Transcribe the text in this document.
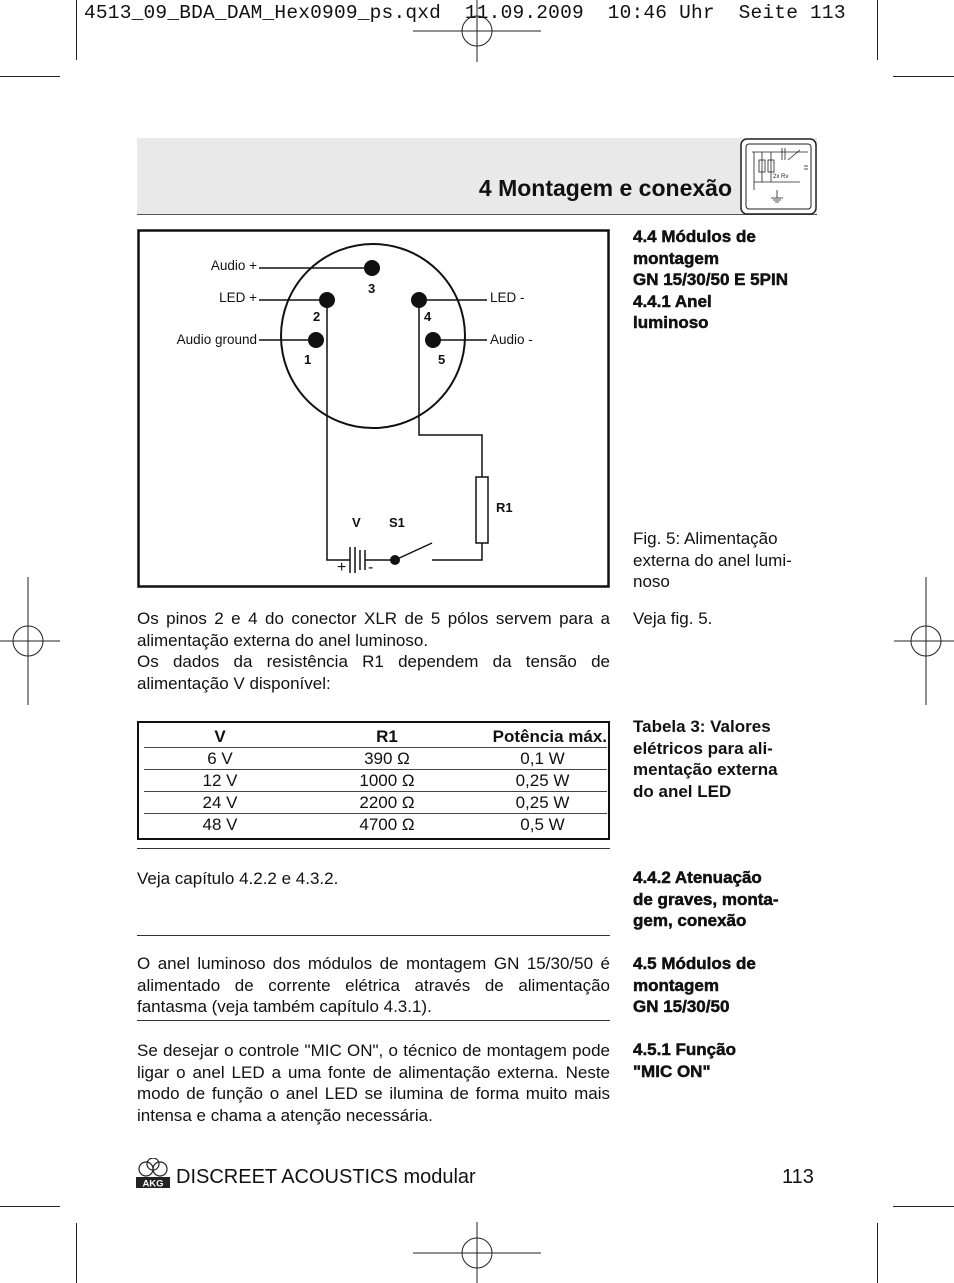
4513_09_BDA_DAM_Hex0909_ps.qxd  11.09.2009  10:46 Uhr  Seite 113
4 Montagem e conexão	2x Rv
Audio +
LED +
Audio ground
LED -
Audio -
1
2
3
4
5
R1
V S1
+ -
4.4 Módulos de
montagem
GN 15/30/50 E 5PIN
4.4.1 Anel
luminoso
Fig. 5: Alimentação
externa do anel lumi-
noso
Veja fig. 5.
Os pinos 2 e 4 do conector XLR de 5 pólos servem para a alimentação externa do anel luminoso.
Os dados da resistência R1 dependem da tensão de alimentação V disponível:
V	R1	Potência máx.
6 V	390 Ω	0,1 W
12 V	1000 Ω	0,25 W
24 V	2200 Ω	0,25 W
48 V	4700 Ω	0,5 W
Tabela 3: Valores
elétricos para ali-
mentação externa
do anel LED
Veja capítulo 4.2.2 e 4.3.2.	4.4.2 Atenuação
de graves, monta-
gem, conexão
O anel luminoso dos módulos de montagem GN 15/30/50 é alimentado de corrente elétrica através de alimentação fantasma (veja também capítulo 4.3.1).
4.5 Módulos de
montagem
GN 15/30/50
Se desejar o controle "MIC ON", o técnico de montagem pode ligar o anel LED a uma fonte de alimentação externa. Neste modo de função o anel LED se ilumina de forma muito mais intensa e chama a atenção necessária.
4.5.1 Função
"MIC ON"
AKG DISCREET ACOUSTICS modular	113
